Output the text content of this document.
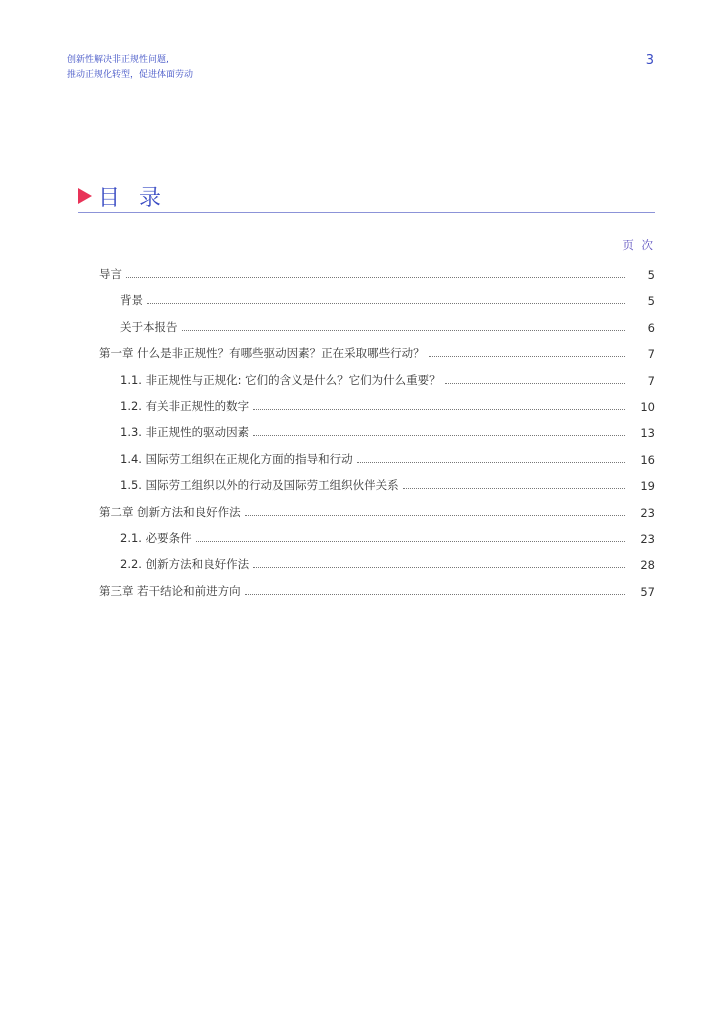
创新性解决非正规性问题,
推动正规化转型，促进体面劳动
3
目 录
页 次
导言	5
背景	5
关于本报告	6
第一章 什么是非正规性？有哪些驱动因素？正在采取哪些行动？	7
1.1. 非正规性与正规化: 它们的含义是什么？它们为什么重要？	7
1.2. 有关非正规性的数字	10
1.3. 非正规性的驱动因素	13
1.4. 国际劳工组织在正规化方面的指导和行动	16
1.5. 国际劳工组织以外的行动及国际劳工组织伙伴关系	19
第二章 创新方法和良好作法	23
2.1. 必要条件	23
2.2. 创新方法和良好作法	28
第三章 若干结论和前进方向	57
